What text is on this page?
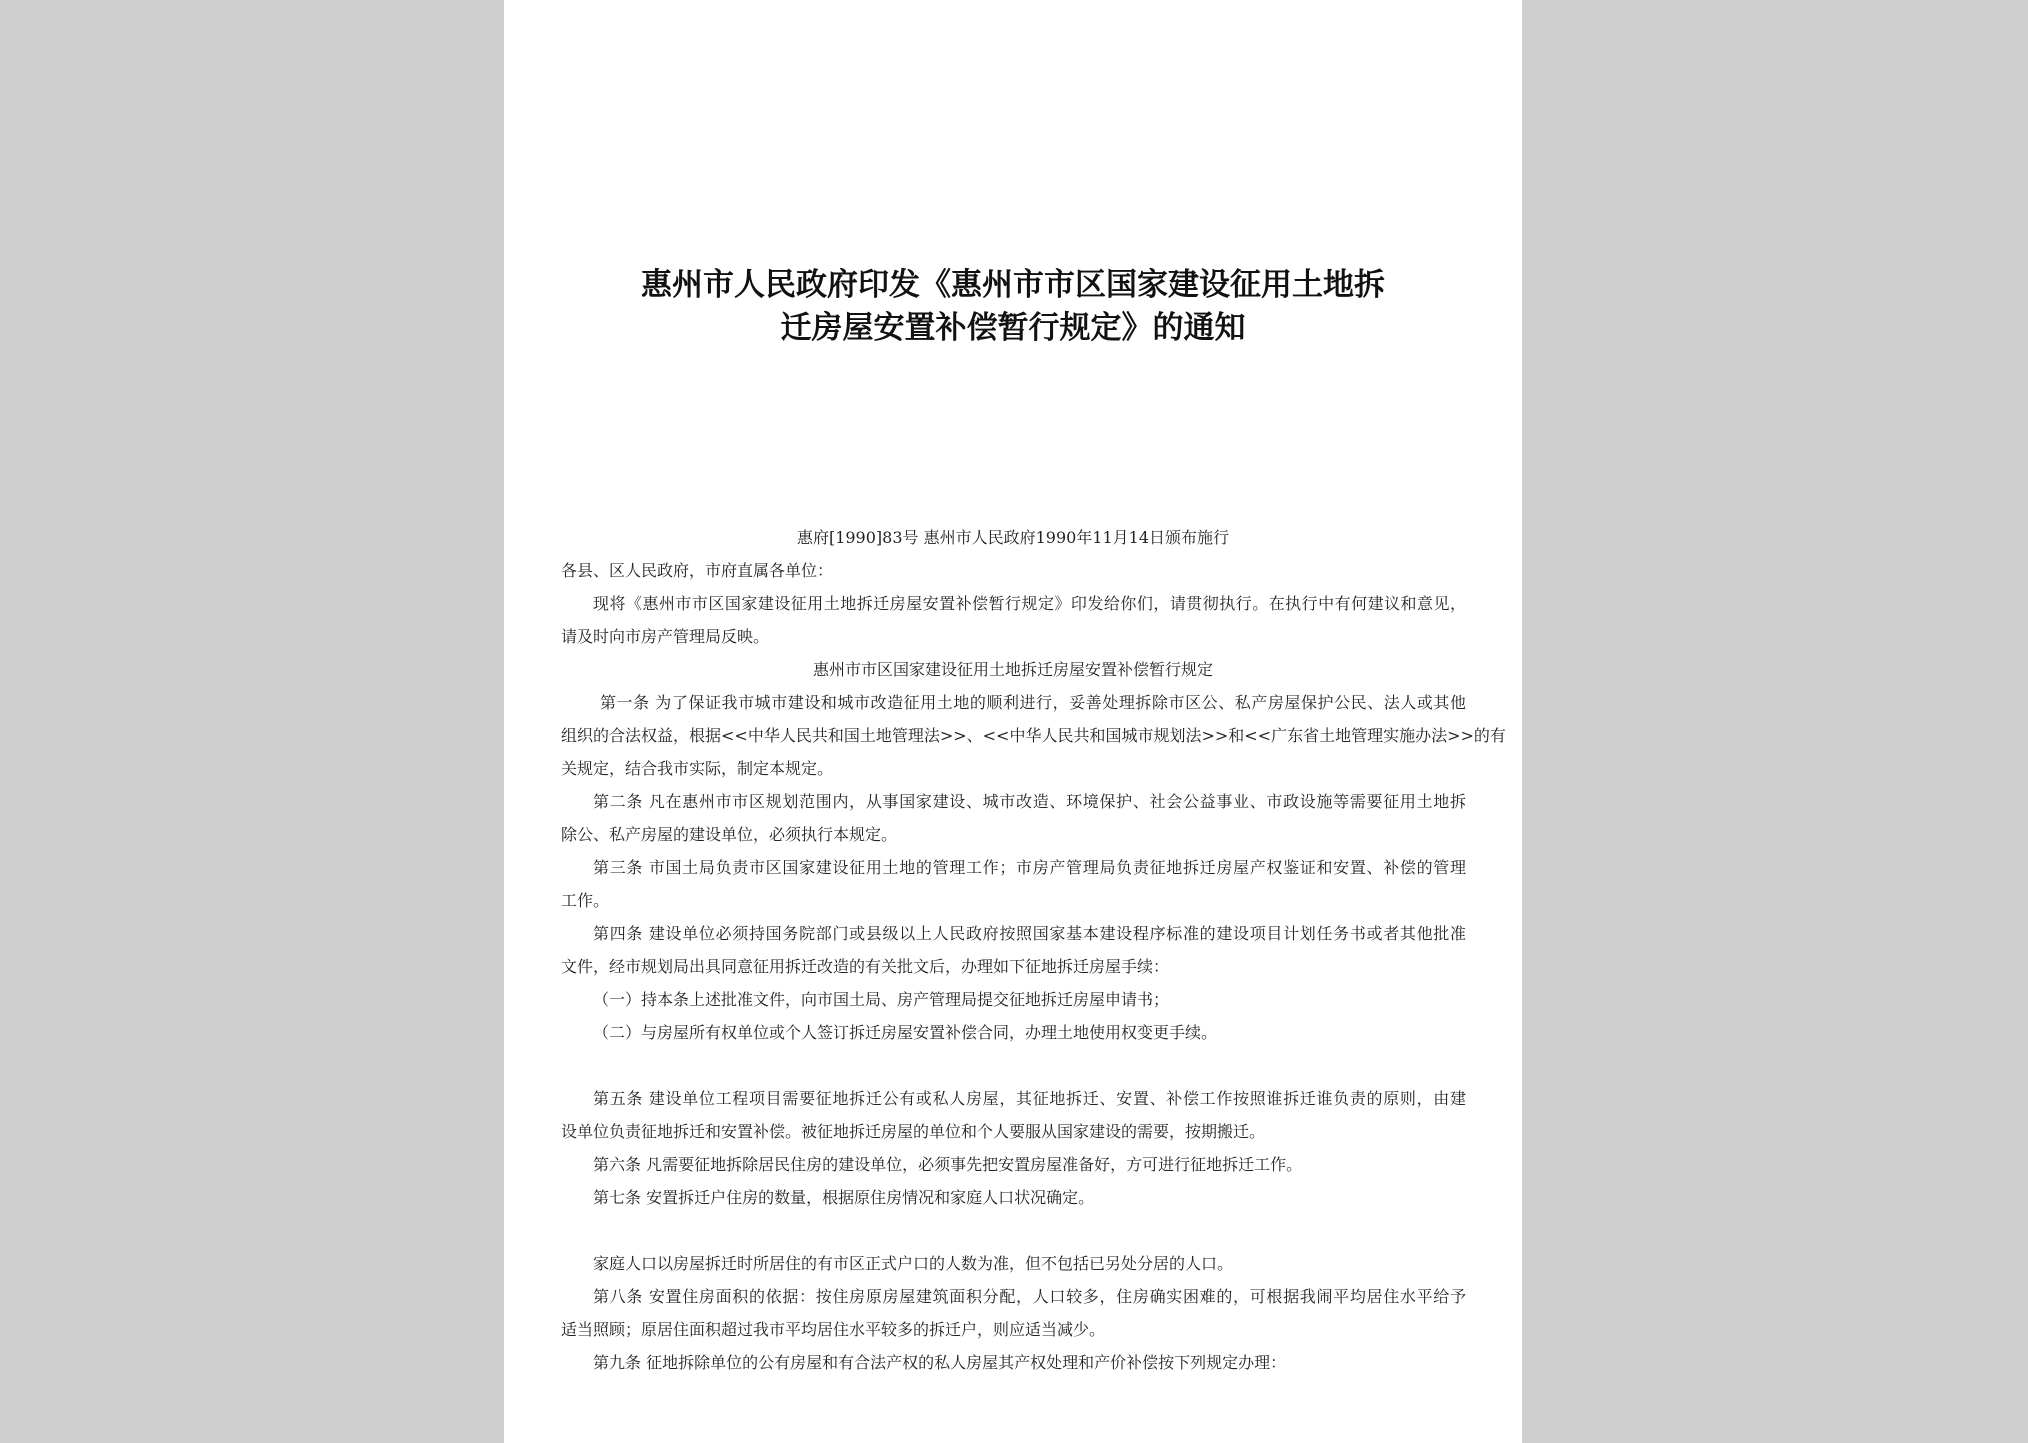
惠州市人民政府印发《惠州市市区国家建设征用土地拆
迁房屋安置补偿暂行规定》的通知
惠府[1990]83号 惠州市人民政府1990年11月14日颁布施行
各县、区人民政府，市府直属各单位：
现将《惠州市市区国家建设征用土地拆迁房屋安置补偿暂行规定》印发给你们，请贯彻执行。在执行中有何建议和意见，
请及时向市房产管理局反映。
惠州市市区国家建设征用土地拆迁房屋安置补偿暂行规定
第一条 为了保证我市城市建设和城市改造征用土地的顺利进行，妥善处理拆除市区公、私产房屋保护公民、法人或其他
组织的合法权益，根据<<中华人民共和国土地管理法>>、<<中华人民共和国城市规划法>>和<<广东省土地管理实施办法>>的有
关规定，结合我市实际，制定本规定。
第二条 凡在惠州市市区规划范围内，从事国家建设、城市改造、环境保护、社会公益事业、市政设施等需要征用土地拆
除公、私产房屋的建设单位，必须执行本规定。
第三条 市国土局负责市区国家建设征用土地的管理工作；市房产管理局负责征地拆迁房屋产权鉴证和安置、补偿的管理
工作。
第四条 建设单位必须持国务院部门或县级以上人民政府按照国家基本建设程序标准的建设项目计划任务书或者其他批准
文件，经市规划局出具同意征用拆迁改造的有关批文后，办理如下征地拆迁房屋手续：
（一）持本条上述批准文件，向市国土局、房产管理局提交征地拆迁房屋申请书；
（二）与房屋所有权单位或个人签订拆迁房屋安置补偿合同，办理土地使用权变更手续。
第五条 建设单位工程项目需要征地拆迁公有或私人房屋，其征地拆迁、安置、补偿工作按照谁拆迁谁负责的原则，由建
设单位负责征地拆迁和安置补偿。被征地拆迁房屋的单位和个人要服从国家建设的需要，按期搬迁。
第六条 凡需要征地拆除居民住房的建设单位，必须事先把安置房屋准备好，方可进行征地拆迁工作。
第七条 安置拆迁户住房的数量，根据原住房情况和家庭人口状况确定。
家庭人口以房屋拆迁时所居住的有市区正式户口的人数为准，但不包括已另处分居的人口。
第八条 安置住房面积的依据：按住房原房屋建筑面积分配，人口较多，住房确实困难的，可根据我闹平均居住水平给予
适当照顾；原居住面积超过我市平均居住水平较多的拆迁户，则应适当减少。
第九条 征地拆除单位的公有房屋和有合法产权的私人房屋其产权处理和产价补偿按下列规定办理：
